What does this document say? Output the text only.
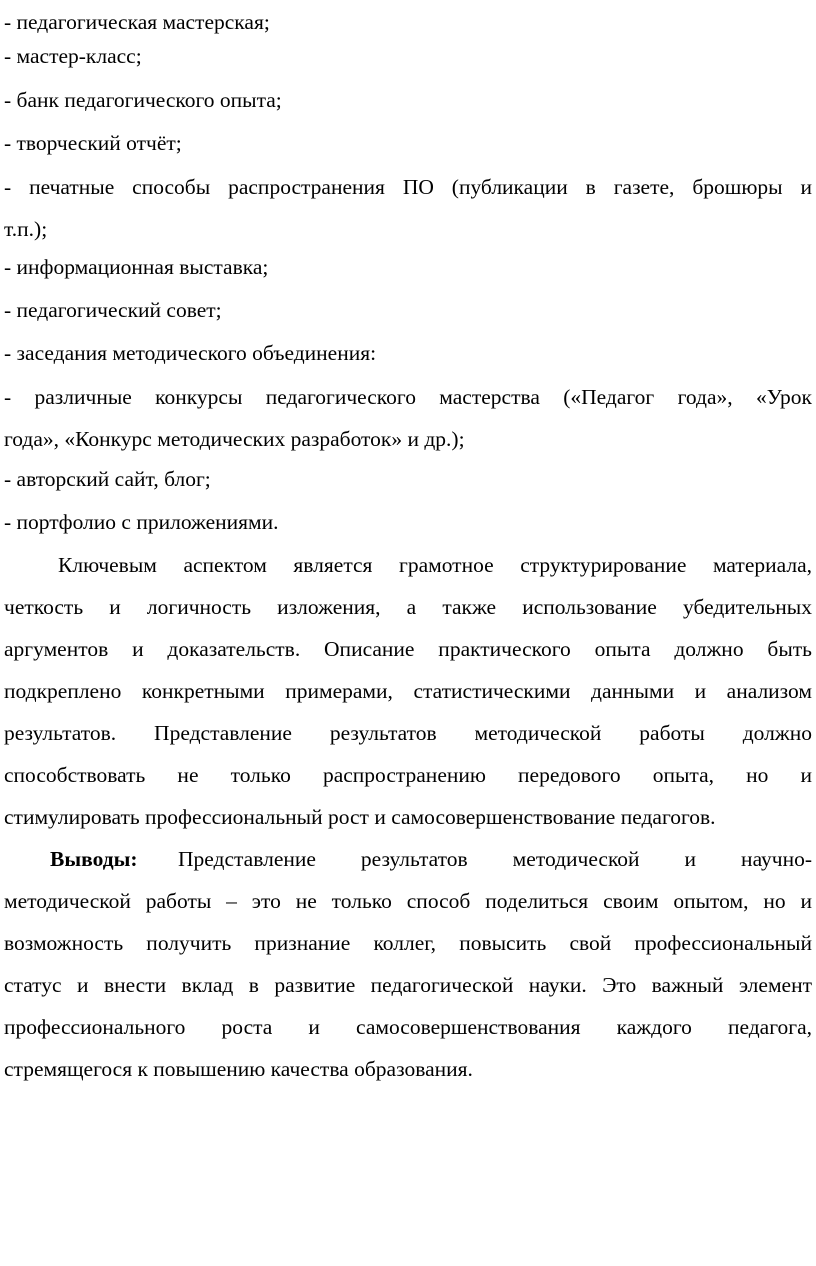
- педагогическая мастерская;
- мастер-класс;
- банк педагогического опыта;
- творческий отчёт;
- печатные способы распространения ПО (публикации в газете, брошюры и
т.п.);
- информационная выставка;
- педагогический совет;
- заседания методического объединения:
- различные конкурсы педагогического мастерства («Педагог года», «Урок
года», «Конкурс методических разработок» и др.);
- авторский сайт, блог;
- портфолио с приложениями.
Ключевым аспектом является грамотное структурирование материала,
четкость и логичность изложения, а также использование убедительных
аргументов и доказательств. Описание практического опыта должно быть
подкреплено конкретными примерами, статистическими данными и анализом
результатов. Представление результатов методической работы должно
способствовать не только распространению передового опыта, но и
стимулировать профессиональный рост и самосовершенствование педагогов.
Выводы:	Представление результатов методической и научно-
методической работы – это не только способ поделиться своим опытом, но и
возможность получить признание коллег, повысить свой профессиональный
статус и внести вклад в развитие педагогической науки. Это важный элемент
профессионального роста и самосовершенствования каждого педагога,
стремящегося к повышению качества образования.
